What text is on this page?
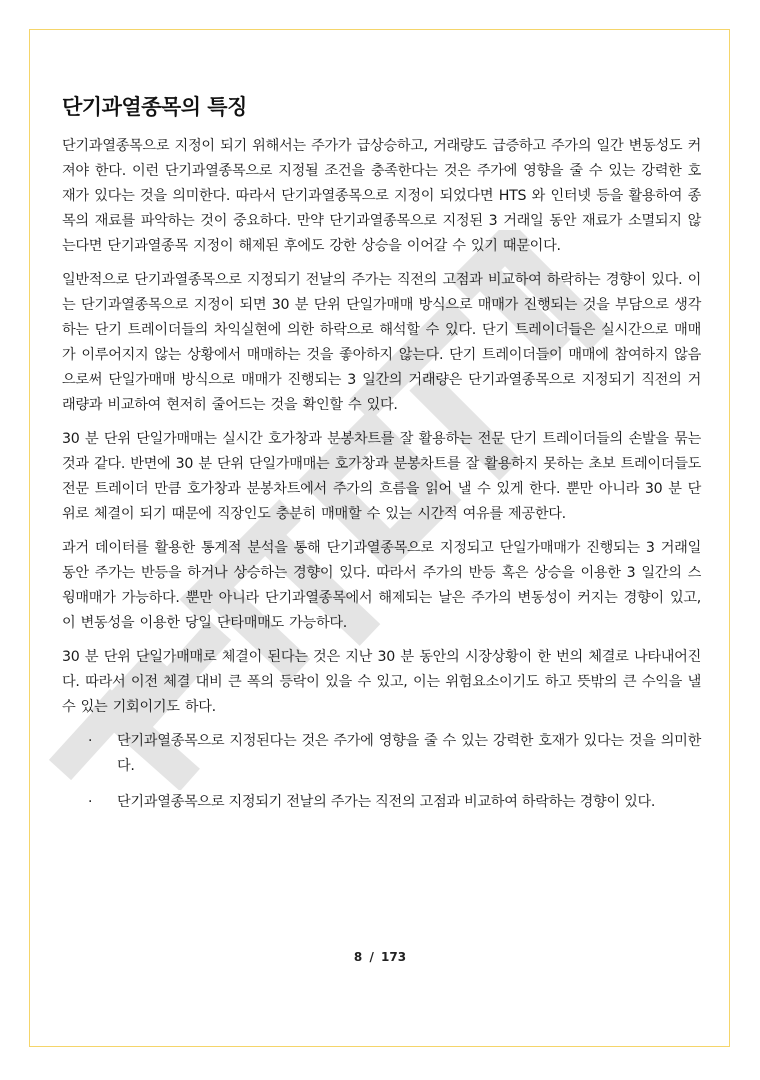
단기과열종목의 특징

단기과열종목으로 지정이 되기 위해서는 주가가 급상승하고, 거래량도 급증하고 주가의 일간 변동성도 커져야 한다. 이런 단기과열종목으로 지정될 조건을 충족한다는 것은 주가에 영향을 줄 수 있는 강력한 호재가 있다는 것을 의미한다. 따라서 단기과열종목으로 지정이 되었다면 HTS 와 인터넷 등을 활용하여 종목의 재료를 파악하는 것이 중요하다. 만약 단기과열종목으로 지정된 3 거래일 동안 재료가 소멸되지 않는다면 단기과열종목 지정이 해제된 후에도 강한 상승을 이어갈 수 있기 때문이다.

일반적으로 단기과열종목으로 지정되기 전날의 주가는 직전의 고점과 비교하여 하락하는 경향이 있다. 이는 단기과열종목으로 지정이 되면 30 분 단위 단일가매매 방식으로 매매가 진행되는 것을 부담으로 생각하는 단기 트레이더들의 차익실현에 의한 하락으로 해석할 수 있다. 단기 트레이더들은 실시간으로 매매가 이루어지지 않는 상황에서 매매하는 것을 좋아하지 않는다. 단기 트레이더들이 매매에 참여하지 않음으로써 단일가매매 방식으로 매매가 진행되는 3 일간의 거래량은 단기과열종목으로 지정되기 직전의 거래량과 비교하여 현저히 줄어드는 것을 확인할 수 있다.

30 분 단위 단일가매매는 실시간 호가창과 분봉차트를 잘 활용하는 전문 단기 트레이더들의 손발을 묶는 것과 같다. 반면에 30 분 단위 단일가매매는 호가창과 분봉차트를 잘 활용하지 못하는 초보 트레이더들도 전문 트레이더 만큼 호가창과 분봉차트에서 주가의 흐름을 읽어 낼 수 있게 한다. 뿐만 아니라 30 분 단위로 체결이 되기 때문에 직장인도 충분히 매매할 수 있는 시간적 여유를 제공한다.

과거 데이터를 활용한 통계적 분석을 통해 단기과열종목으로 지정되고 단일가매매가 진행되는 3 거래일 동안 주가는 반등을 하거나 상승하는 경향이 있다. 따라서 주가의 반등 혹은 상승을 이용한 3 일간의 스윙매매가 가능하다. 뿐만 아니라 단기과열종목에서 해제되는 날은 주가의 변동성이 커지는 경향이 있고, 이 변동성을 이용한 당일 단타매매도 가능하다.

30 분 단위 단일가매매로 체결이 된다는 것은 지난 30 분 동안의 시장상황이 한 번의 체결로 나타내어진다. 따라서 이전 체결 대비 큰 폭의 등락이 있을 수 있고, 이는 위험요소이기도 하고 뜻밖의 큰 수익을 낼 수 있는 기회이기도 하다.

· 단기과열종목으로 지정된다는 것은 주가에 영향을 줄 수 있는 강력한 호재가 있다는 것을 의미한다.
· 단기과열종목으로 지정되기 전날의 주가는 직전의 고점과 비교하여 하락하는 경향이 있다.
8 / 173
